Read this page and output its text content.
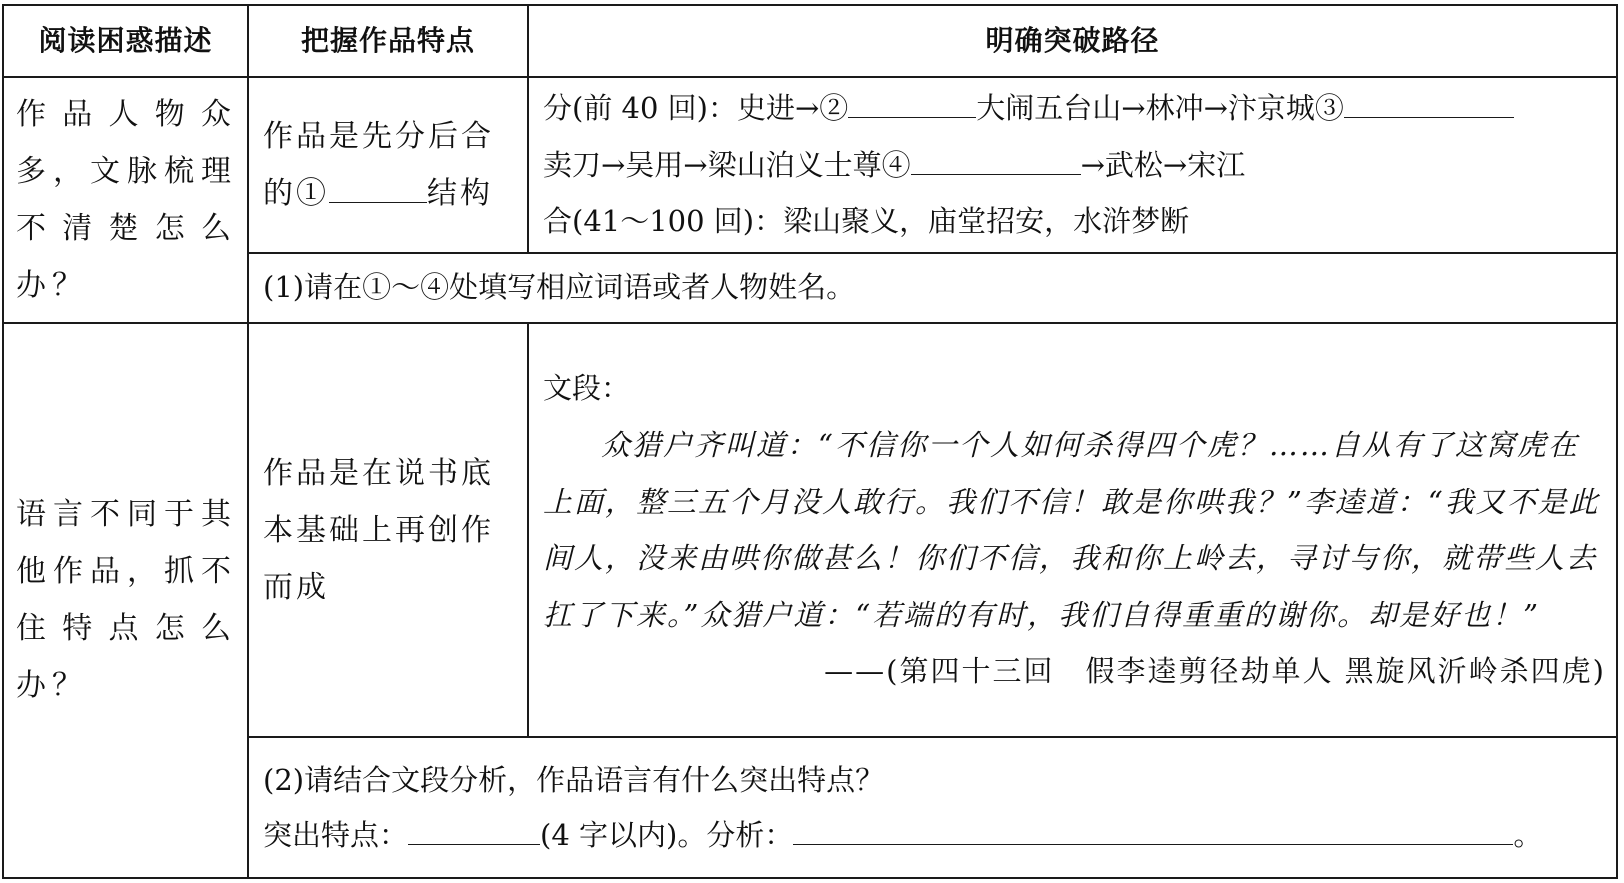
阅读困惑描述	把握作品特点	明确突破路径
作品人物众多，文脉梳理不清楚怎么办？	作品是先分后合的① 结构	分(前 40 回)：史进→② 大闹五台山→林冲→汴京城③
卖刀→吴用→梁山泊义士尊④ →武松→宋江
合(41～100 回)：梁山聚义，庙堂招安，水浒梦断

	(1)请在①～④处填写相应词语或者人物姓名。	
语言不同于其他作品，抓不住特点怎么办？	作品是在说书底本基础上再创作而成	文段：
众猎户齐叫道：“不信你一个人如何杀得四个虎？……自从有了这窝虎在上面，整三五个月没人敢行。我们不信！敢是你哄我？”李逵道：“我又不是此间人，没来由哄你做甚么！你们不信，我和你上岭去，寻讨与你，就带些人去扛了下来。”众猎户道：“若端的有时，我们自得重重的谢你。却是好也！”
——(第四十三回　假李逵剪径劫单人 黑旋风沂岭杀四虎)

	(2)请结合文段分析，作品语言有什么突出特点？
突出特点： (4 字以内)。分析： 。	
